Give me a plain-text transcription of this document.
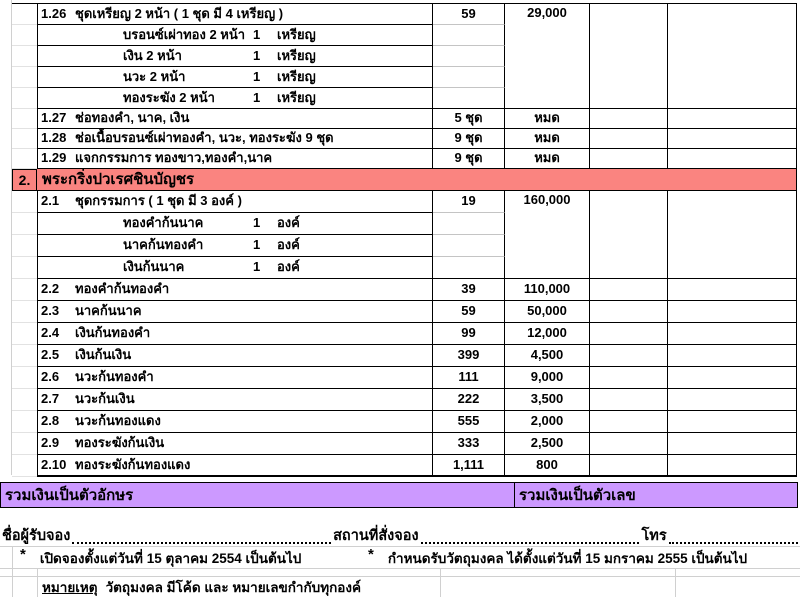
1.26 ชุดเหรียญ 2 หน้า ( 1 ชุด มี 4 เหรียญ )
บรอนซ์เผ่าทอง 2 หน้า 1	เหรียญ
เงิน 2 หน้า	1	เหรียญ
นวะ 2 หน้า	1	เหรียญ
ทองระฆัง 2 หน้า	1	เหรียญ
59	29,000
1.27 ช่อทองคำ, นาค, เงิน	5 ชุด	หมด
1.28 ช่อเนื้อบรอนซ์เผ่าทองคำ, นวะ, ทองระฆัง 9 ชุด	9 ชุด	หมด
1.29 แจกกรรมการ ทองขาว,ทองคำ,นาค	9 ชุด	หมด
2. พระกริ่งปวเรศชินบัญชร
2.1	ชุดกรรมการ ( 1 ชุด มี 3 องค์ )
ทองคำก้นนาค	1	องค์
นาคก้นทองคำ	1	องค์
เงินก้นนาค	1	องค์
19	160,000
2.2	ทองคำก้นทองคำ	39	110,000
2.3	นาคก้นนาค	59	50,000
2.4	เงินก้นทองคำ	99	12,000
2.5	เงินก้นเงิน	399	4,500
2.6	นวะก้นทองคำ	111	9,000
2.7	นวะก้นเงิน	222	3,500
2.8	นวะก้นทองแดง	555	2,000
2.9	ทองระฆังก้นเงิน	333	2,500
2.10 ทองระฆังก้นทองแดง	1,111	800
รวมเงินเป็นตัวอักษร	รวมเงินเป็นตัวเลข
ชื่อผู้รับจอง	สถานที่สั่งจอง	โทร
* เปิดจองตั้งแต่วันที่ 15 ตุลาคม 2554 เป็นต้นไป	* กำหนดรับวัตถุมงคล ได้ตั้งแต่วันที่ 15 มกราคม 2555 เป็นต้นไป
หมายเหตุ วัตถุมงคล มีโค้ด และ หมายเลขกำกับทุกองค์
